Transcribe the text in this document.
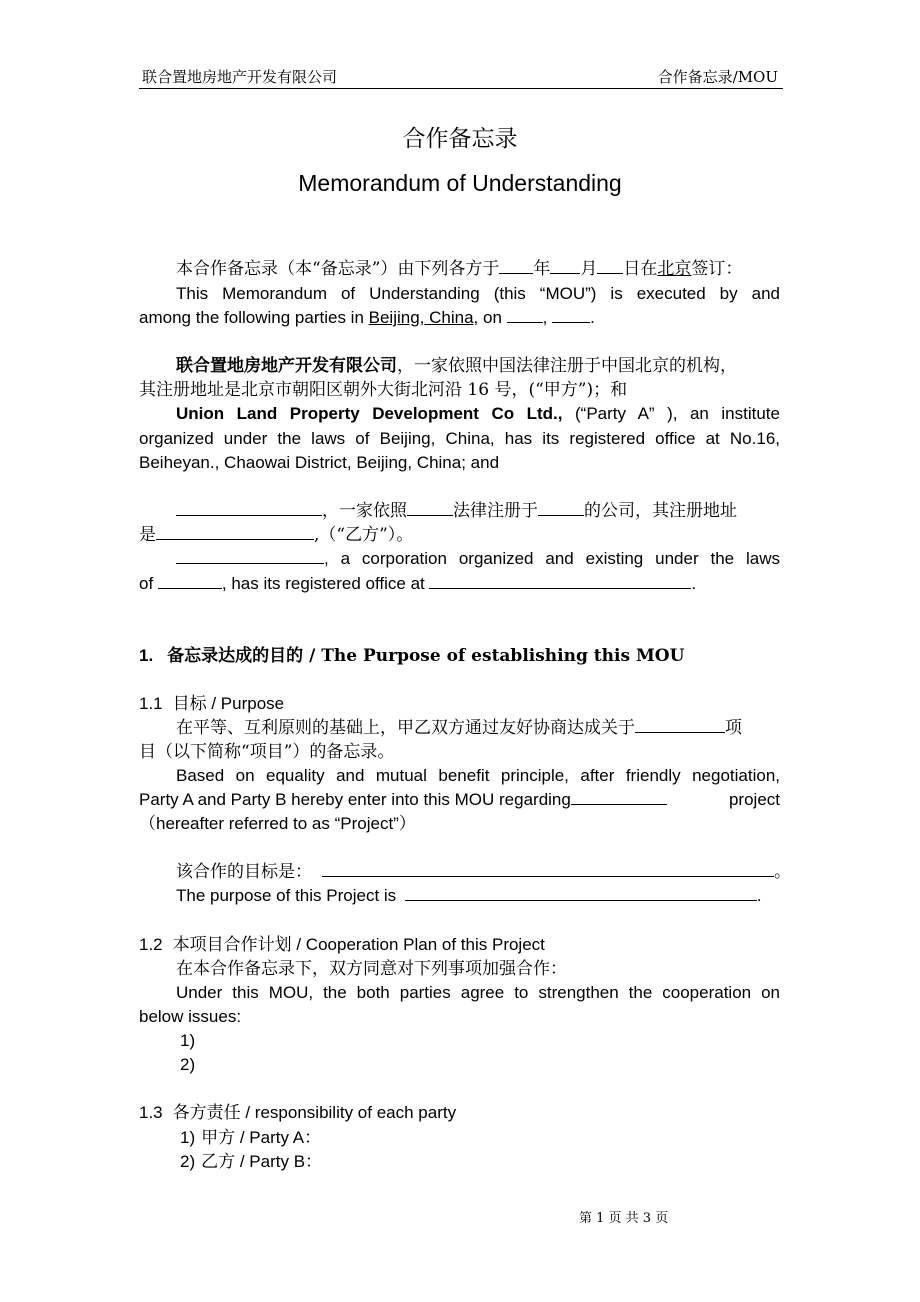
联合置地房地产开发有限公司	合作备忘录/MOU
合作备忘录
Memorandum of Understanding
本合作备忘录（本“备忘录”）由下列各方于 年 月 日在北京签订：
This Memorandum of Understanding (this “MOU”) is executed by and
among the following parties in Beijing, China, on , .
联合置地房地产开发有限公司，一家依照中国法律注册于中国北京的机构，
其注册地址是北京市朝阳区朝外大街北河沿 16 号，(“甲方”)；和
Union Land Property Development Co Ltd., (“Party A” ), an institute
organized under the laws of Beijing, China, has its registered office at No.16,
Beiheyan., Chaowai District, Beijing, China; and
，一家依照	法律注册于	的公司，其注册地址
是	,（“乙方”）。
, a corporation organized and existing under the laws
of	, has its registered office at	.
1. 备忘录达成的目的 / The Purpose of establishing this MOU
1.1 目标 / Purpose
在平等、互利原则的基础上，甲乙双方通过友好协商达成关于	项
目（以下简称“项目”）的备忘录。
Based on equality and mutual benefit principle, after friendly negotiation,
Party A and Party B hereby enter into this MOU regarding	project
（hereafter referred to as “Project”）
该合作的目标是：	。
The purpose of this Project is	.
1.2 本项目合作计划 / Cooperation Plan of this Project
在本合作备忘录下，双方同意对下列事项加强合作：
Under this MOU, the both parties agree to strengthen the cooperation on
below issues:
1)
2)
1.3 各方责任 / responsibility of each party
1) 甲方 / Party A：
2) 乙方 / Party B：
第 1 页 共 3 页
